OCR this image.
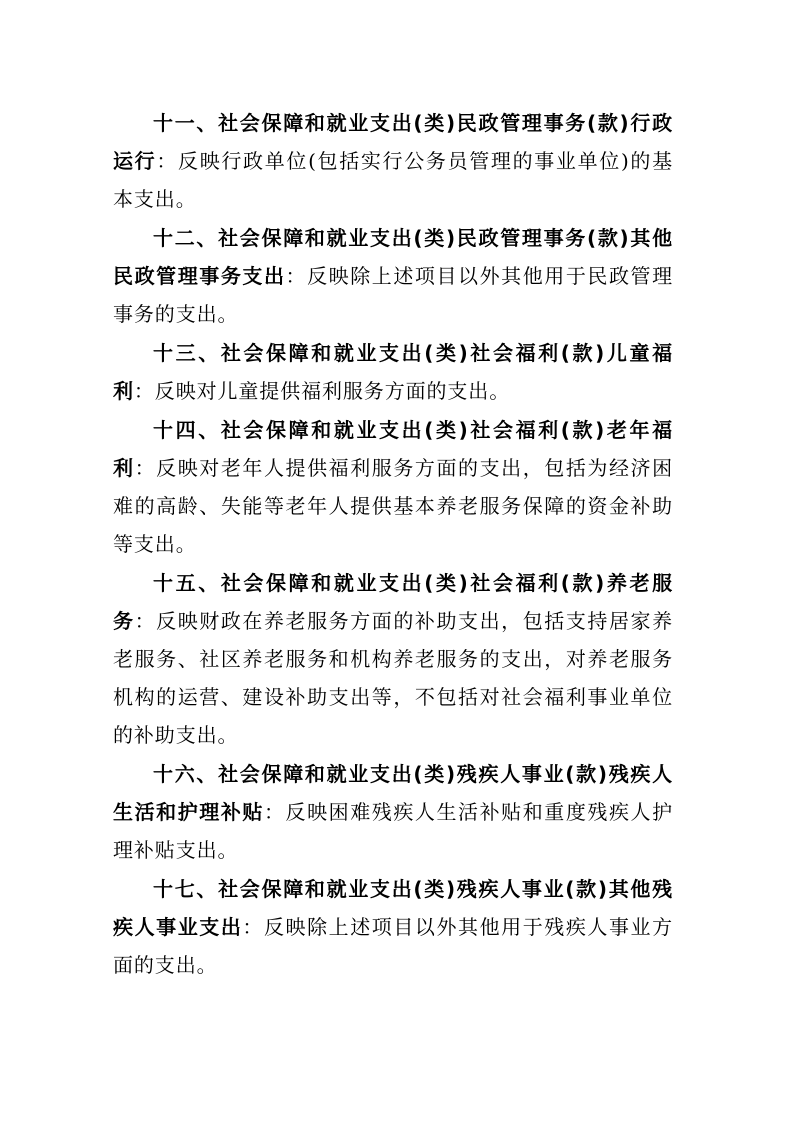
十一、社会保障和就业支出(类)民政管理事务(款)行政运行：反映行政单位(包括实行公务员管理的事业单位)的基本支出。

十二、社会保障和就业支出(类)民政管理事务(款)其他民政管理事务支出：反映除上述项目以外其他用于民政管理事务的支出。

十三、社会保障和就业支出(类)社会福利(款)儿童福利：反映对儿童提供福利服务方面的支出。

十四、社会保障和就业支出(类)社会福利(款)老年福利：反映对老年人提供福利服务方面的支出，包括为经济困难的高龄、失能等老年人提供基本养老服务保障的资金补助等支出。

十五、社会保障和就业支出(类)社会福利(款)养老服务：反映财政在养老服务方面的补助支出，包括支持居家养老服务、社区养老服务和机构养老服务的支出，对养老服务机构的运营、建设补助支出等，不包括对社会福利事业单位的补助支出。

十六、社会保障和就业支出(类)残疾人事业(款)残疾人生活和护理补贴：反映困难残疾人生活补贴和重度残疾人护理补贴支出。

十七、社会保障和就业支出(类)残疾人事业(款)其他残疾人事业支出：反映除上述项目以外其他用于残疾人事业方面的支出。
